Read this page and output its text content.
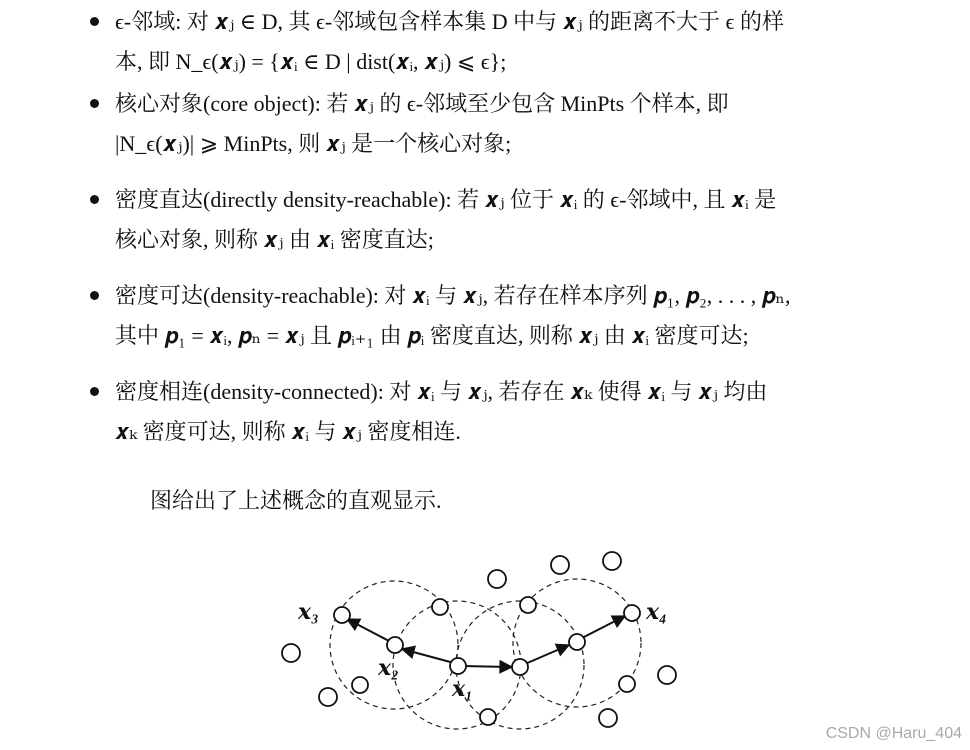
ϵ-邻域: 对 𝒙ⱼ ∈ D, 其 ϵ-邻域包含样本集 D 中与 𝒙ⱼ 的距离不大于 ϵ 的样
本, 即 N_ϵ(𝒙ⱼ) = {𝒙ᵢ ∈ D | dist(𝒙ᵢ, 𝒙ⱼ) ⩽ ϵ};
核心对象(core object): 若 𝒙ⱼ 的 ϵ-邻域至少包含 MinPts 个样本, 即
|N_ϵ(𝒙ⱼ)| ⩾ MinPts, 则 𝒙ⱼ 是一个核心对象;
密度直达(directly density-reachable): 若 𝒙ⱼ 位于 𝒙ᵢ 的 ϵ-邻域中, 且 𝒙ᵢ 是
核心对象, 则称 𝒙ⱼ 由 𝒙ᵢ 密度直达;
密度可达(density-reachable): 对 𝒙ᵢ 与 𝒙ⱼ, 若存在样本序列 𝒑₁, 𝒑₂, . . . , 𝒑ₙ,
其中 𝒑₁ = 𝒙ᵢ, 𝒑ₙ = 𝒙ⱼ 且 𝒑ᵢ₊₁ 由 𝒑ᵢ 密度直达, 则称 𝒙ⱼ 由 𝒙ᵢ 密度可达;
密度相连(density-connected): 对 𝒙ᵢ 与 𝒙ⱼ, 若存在 𝒙ₖ 使得 𝒙ᵢ 与 𝒙ⱼ 均由
𝒙ₖ 密度可达, 则称 𝒙ᵢ 与 𝒙ⱼ 密度相连.
图给出了上述概念的直观显示.
𝒙₃
𝒙₂
𝒙₁
𝒙₄
CSDN @Haru_404
